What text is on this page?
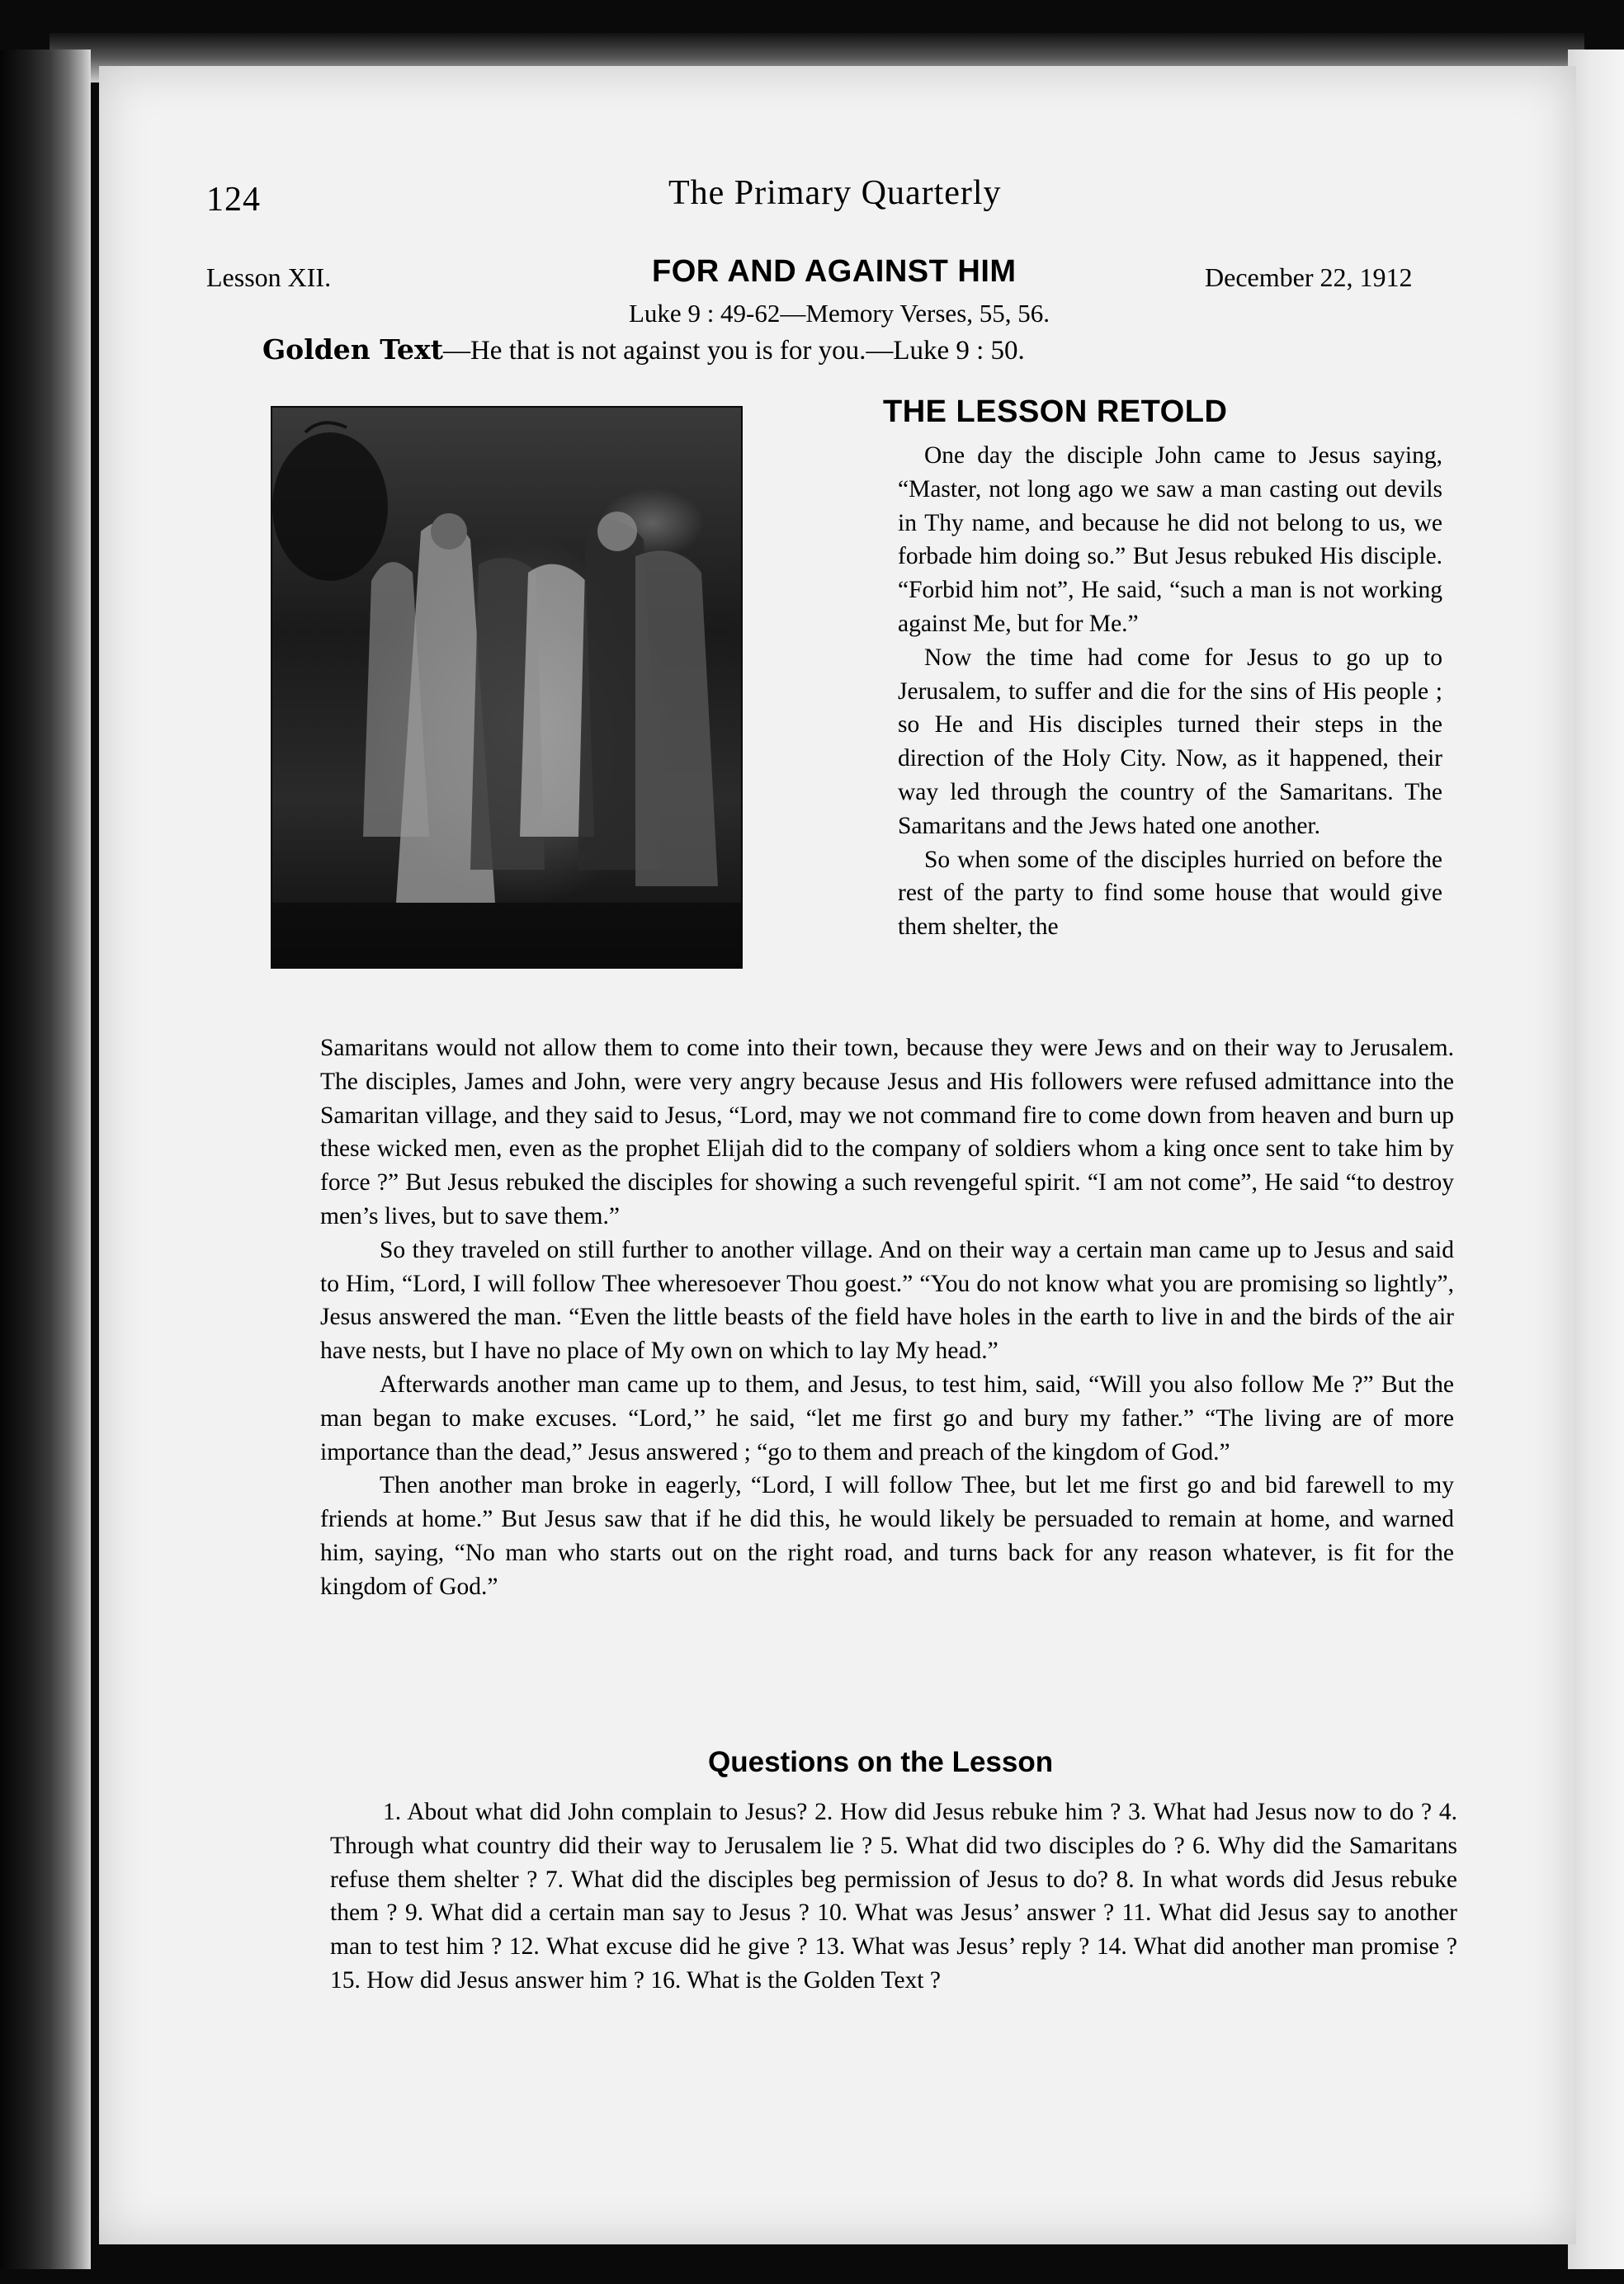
124	The Primary Quarterly
Lesson XII.	FOR AND AGAINST HIM	December 22, 1912
Luke 9 : 49-62—Memory Verses, 55, 56.
Golden Text—He that is not against you is for you.—Luke 9 : 50.
THE LESSON RETOLD

One day the disciple John came to Jesus saying, “Master, not long ago we saw a man casting out devils in Thy name, and because he did not belong to us, we forbade him doing so.” But Jesus rebuked His disciple. “Forbid him not”, He said, “such a man is not working against Me, but for Me.”

Now the time had come for Jesus to go up to Jerusalem, to suffer and die for the sins of His people ; so He and His disciples turned their steps in the direction of the Holy City. Now, as it happened, their way led through the country of the Samaritans. The Samaritans and the Jews hated one another.

So when some of the disciples hurried on before the rest of the party to find some house that would give them shelter, the

Samaritans would not allow them to come into their town, because they were Jews and on their way to Jerusalem. The disciples, James and John, were very angry because Jesus and His followers were refused admittance into the Samaritan village, and they said to Jesus, “Lord, may we not command fire to come down from heaven and burn up these wicked men, even as the prophet Elijah did to the company of soldiers whom a king once sent to take him by force ?” But Jesus rebuked the disciples for showing a such revengeful spirit. “I am not come”, He said “to destroy men’s lives, but to save them.”

So they traveled on still further to another village. And on their way a certain man came up to Jesus and said to Him, “Lord, I will follow Thee wheresoever Thou goest.” “You do not know what you are promising so lightly”, Jesus answered the man. “Even the little beasts of the field have holes in the earth to live in and the birds of the air have nests, but I have no place of My own on which to lay My head.”

Afterwards another man came up to them, and Jesus, to test him, said, “Will you also follow Me ?” But the man began to make excuses. “Lord,’’ he said, “let me first go and bury my father.” “The living are of more importance than the dead,” Jesus answered ; “go to them and preach of the kingdom of God.”

Then another man broke in eagerly, “Lord, I will follow Thee, but let me first go and bid farewell to my friends at home.” But Jesus saw that if he did this, he would likely be persuaded to remain at home, and warned him, saying, “No man who starts out on the right road, and turns back for any reason whatever, is fit for the kingdom of God.”

Questions on the Lesson

1. About what did John complain to Jesus? 2. How did Jesus rebuke him ? 3. What had Jesus now to do ? 4. Through what country did their way to Jerusalem lie ? 5. What did two disciples do ? 6. Why did the Samaritans refuse them shelter ? 7. What did the disciples beg permission of Jesus to do? 8. In what words did Jesus rebuke them ? 9. What did a certain man say to Jesus ? 10. What was Jesus’ answer ? 11. What did Jesus say to another man to test him ? 12. What excuse did he give ? 13. What was Jesus’ reply ? 14. What did another man promise ? 15. How did Jesus answer him ? 16. What is the Golden Text ?
